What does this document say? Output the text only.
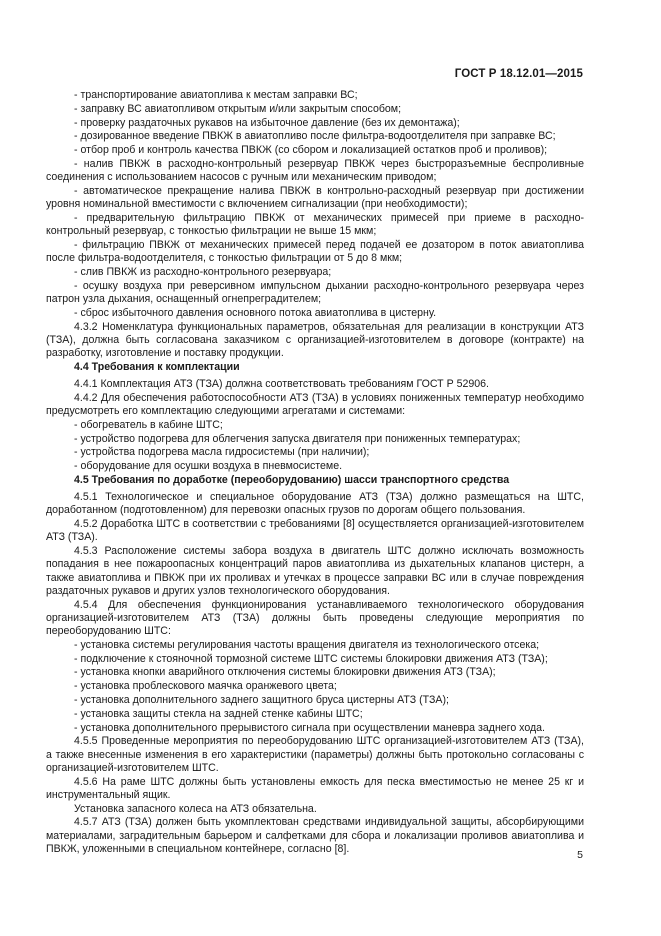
ГОСТ Р 18.12.01—2015

- транспортирование авиатоплива к местам заправки ВС;

- заправку ВС авиатопливом открытым и/или закрытым способом;

- проверку раздаточных рукавов на избыточное давление (без их демонтажа);

- дозированное введение ПВКЖ в авиатопливо после фильтра-водоотделителя при заправке ВС;

- отбор проб и контроль качества ПВКЖ (со сбором и локализацией остатков проб и проливов);

- налив ПВКЖ в расходно-контрольный резервуар ПВКЖ через быстроразъемные беспроливные соединения с использованием насосов с ручным или механическим приводом;

- автоматическое прекращение налива ПВКЖ в контрольно-расходный резервуар при достижении уровня номинальной вместимости с включением сигнализации (при необходимости);

- предварительную фильтрацию ПВКЖ от механических примесей при приеме в расходно-контрольный резервуар, с тонкостью фильтрации не выше 15 мкм;

- фильтрацию ПВКЖ от механических примесей перед подачей ее дозатором в поток авиатоплива после фильтра-водоотделителя, с тонкостью фильтрации от 5 до 8 мкм;

- слив ПВКЖ из расходно-контрольного резервуара;

- осушку воздуха при реверсивном импульсном дыхании расходно-контрольного резервуара через патрон узла дыхания, оснащенный огнепреградителем;

- сброс избыточного давления основного потока авиатоплива в цистерну.

4.3.2 Номенклатура функциональных параметров, обязательная для реализации в конструкции АТЗ (ТЗА), должна быть согласована заказчиком с организацией-изготовителем в договоре (контракте) на разработку, изготовление и поставку продукции.

4.4 Требования к комплектации

4.4.1 Комплектация АТЗ (ТЗА) должна соответствовать требованиям ГОСТ Р 52906.

4.4.2 Для обеспечения работоспособности АТЗ (ТЗА) в условиях пониженных температур необходимо предусмотреть его комплектацию следующими агрегатами и системами:

- обогреватель в кабине ШТС;

- устройство подогрева для облегчения запуска двигателя при пониженных температурах;

- устройства подогрева масла гидросистемы (при наличии);

- оборудование для осушки воздуха в пневмосистеме.

4.5 Требования по доработке (переоборудованию) шасси транспортного средства

4.5.1 Технологическое и специальное оборудование АТЗ (ТЗА) должно размещаться на ШТС, доработанном (подготовленном) для перевозки опасных грузов по дорогам общего пользования.

4.5.2 Доработка ШТС в соответствии с требованиями [8] осуществляется организацией-изготовителем АТЗ (ТЗА).

4.5.3 Расположение системы забора воздуха в двигатель ШТС должно исключать возможность попадания в нее пожароопасных концентраций паров авиатоплива из дыхательных клапанов цистерн, а также авиатоплива и ПВКЖ при их проливах и утечках в процессе заправки ВС или в случае повреждения раздаточных рукавов и других узлов технологического оборудования.

4.5.4 Для обеспечения функционирования устанавливаемого технологического оборудования организацией-изготовителем АТЗ (ТЗА) должны быть проведены следующие мероприятия по переоборудованию ШТС:

- установка системы регулирования частоты вращения двигателя из технологического отсека;

- подключение к стояночной тормозной системе ШТС системы блокировки движения АТЗ (ТЗА);

- установка кнопки аварийного отключения системы блокировки движения АТЗ (ТЗА);

- установка проблескового маячка оранжевого цвета;

- установка дополнительного заднего защитного бруса цистерны АТЗ (ТЗА);

- установка защиты стекла на задней стенке кабины ШТС;

- установка дополнительного прерывистого сигнала при осуществлении маневра заднего хода.

4.5.5 Проведенные мероприятия по переоборудованию ШТС организацией-изготовителем АТЗ (ТЗА), а также внесенные изменения в его характеристики (параметры) должны быть протокольно согласованы с организацией-изготовителем ШТС.

4.5.6 На раме ШТС должны быть установлены емкость для песка вместимостью не менее 25 кг и инструментальный ящик.

Установка запасного колеса на АТЗ обязательна.

4.5.7 АТЗ (ТЗА) должен быть укомплектован средствами индивидуальной защиты, абсорбирующими материалами, заградительным барьером и салфетками для сбора и локализации проливов авиатоплива и ПВКЖ, уложенными в специальном контейнере, согласно [8].

5
